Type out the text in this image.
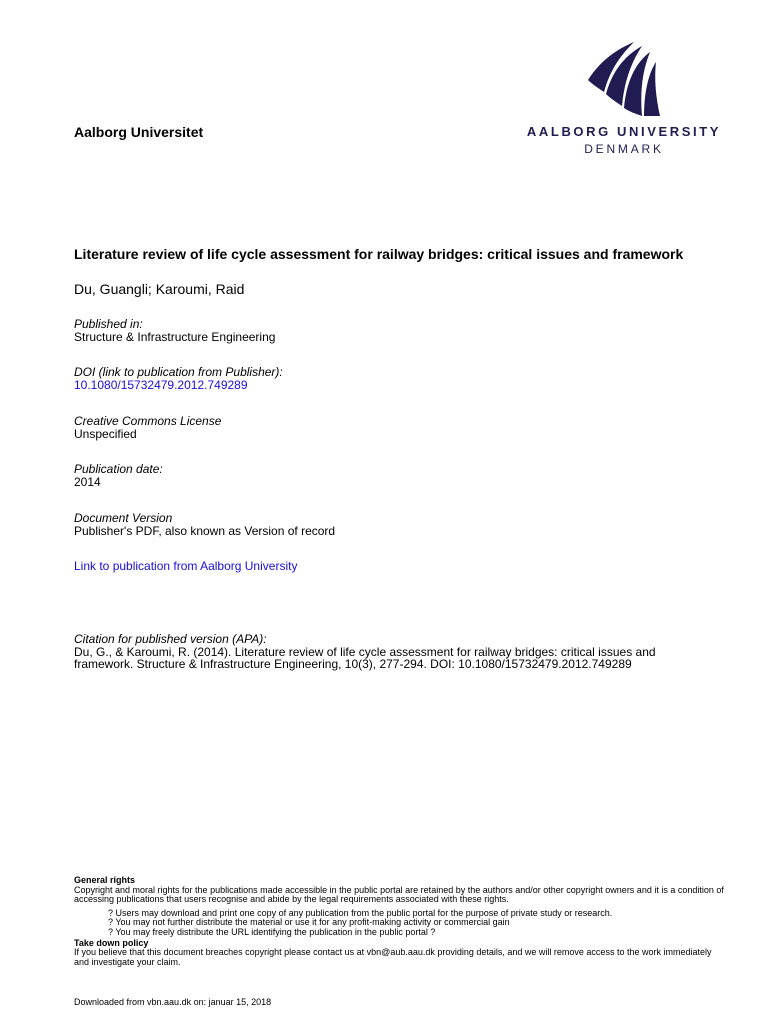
Aalborg Universitet	AALBORG UNIVERSITY
DENMARK
Literature review of life cycle assessment for railway bridges: critical issues and framework
Du, Guangli; Karoumi, Raid

Published in:

Structure & Infrastructure Engineering

DOI (link to publication from Publisher):

10.1080/15732479.2012.749289

Creative Commons License

Unspecified

Publication date:

2014

Document Version

Publisher's PDF, also known as Version of record

Link to publication from Aalborg University

Citation for published version (APA):

Du, G., & Karoumi, R. (2014). Literature review of life cycle assessment for railway bridges: critical issues and framework. Structure & Infrastructure Engineering, 10(3), 277-294. DOI: 10.1080/15732479.2012.749289

General rights

Copyright and moral rights for the publications made accessible in the public portal are retained by the authors and/or other copyright owners and it is a condition of accessing publications that users recognise and abide by the legal requirements associated with these rights.

? Users may download and print one copy of any publication from the public portal for the purpose of private study or research.

? You may not further distribute the material or use it for any profit-making activity or commercial gain

? You may freely distribute the URL identifying the publication in the public portal ?

Take down policy

If you believe that this document breaches copyright please contact us at vbn@aub.aau.dk providing details, and we will remove access to the work immediately and investigate your claim.

Downloaded from vbn.aau.dk on: januar 15, 2018
